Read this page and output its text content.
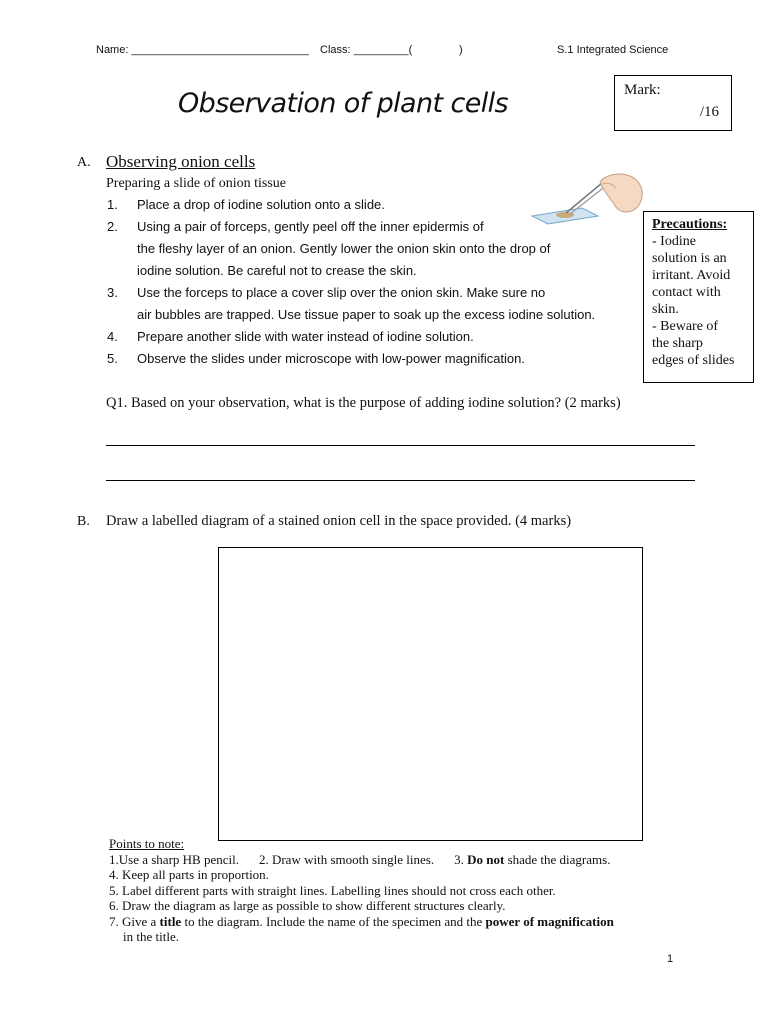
Name: _____________________________ Class: _________(	)	S.1 Integrated Science
Observation of plant cells	Mark:
/16
A. Observing onion cells
Preparing a slide of onion tissue
1. Place a drop of iodine solution onto a slide.
2. Using a pair of forceps, gently peel off the inner epidermis of
the fleshy layer of an onion. Gently lower the onion skin onto the drop of
iodine solution. Be careful not to crease the skin.
3. Use the forceps to place a cover slip over the onion skin. Make sure no
air bubbles are trapped. Use tissue paper to soak up the excess iodine solution.
4. Prepare another slide with water instead of iodine solution.
5. Observe the slides under microscope with low-power magnification.
Precautions:
- Iodine
solution is an
irritant. Avoid
contact with
skin.
- Beware of
the sharp
edges of slides
Q1. Based on your observation, what is the purpose of adding iodine solution? (2 marks)
B. Draw a labelled diagram of a stained onion cell in the space provided. (4 marks)
Points to note:
1.Use a sharp HB pencil. 2. Draw with smooth single lines. 3. Do not shade the diagrams.
4. Keep all parts in proportion.
5. Label different parts with straight lines. Labelling lines should not cross each other.
6. Draw the diagram as large as possible to show different structures clearly.
7. Give a title to the diagram. Include the name of the specimen and the power of magnification
in the title.
1
